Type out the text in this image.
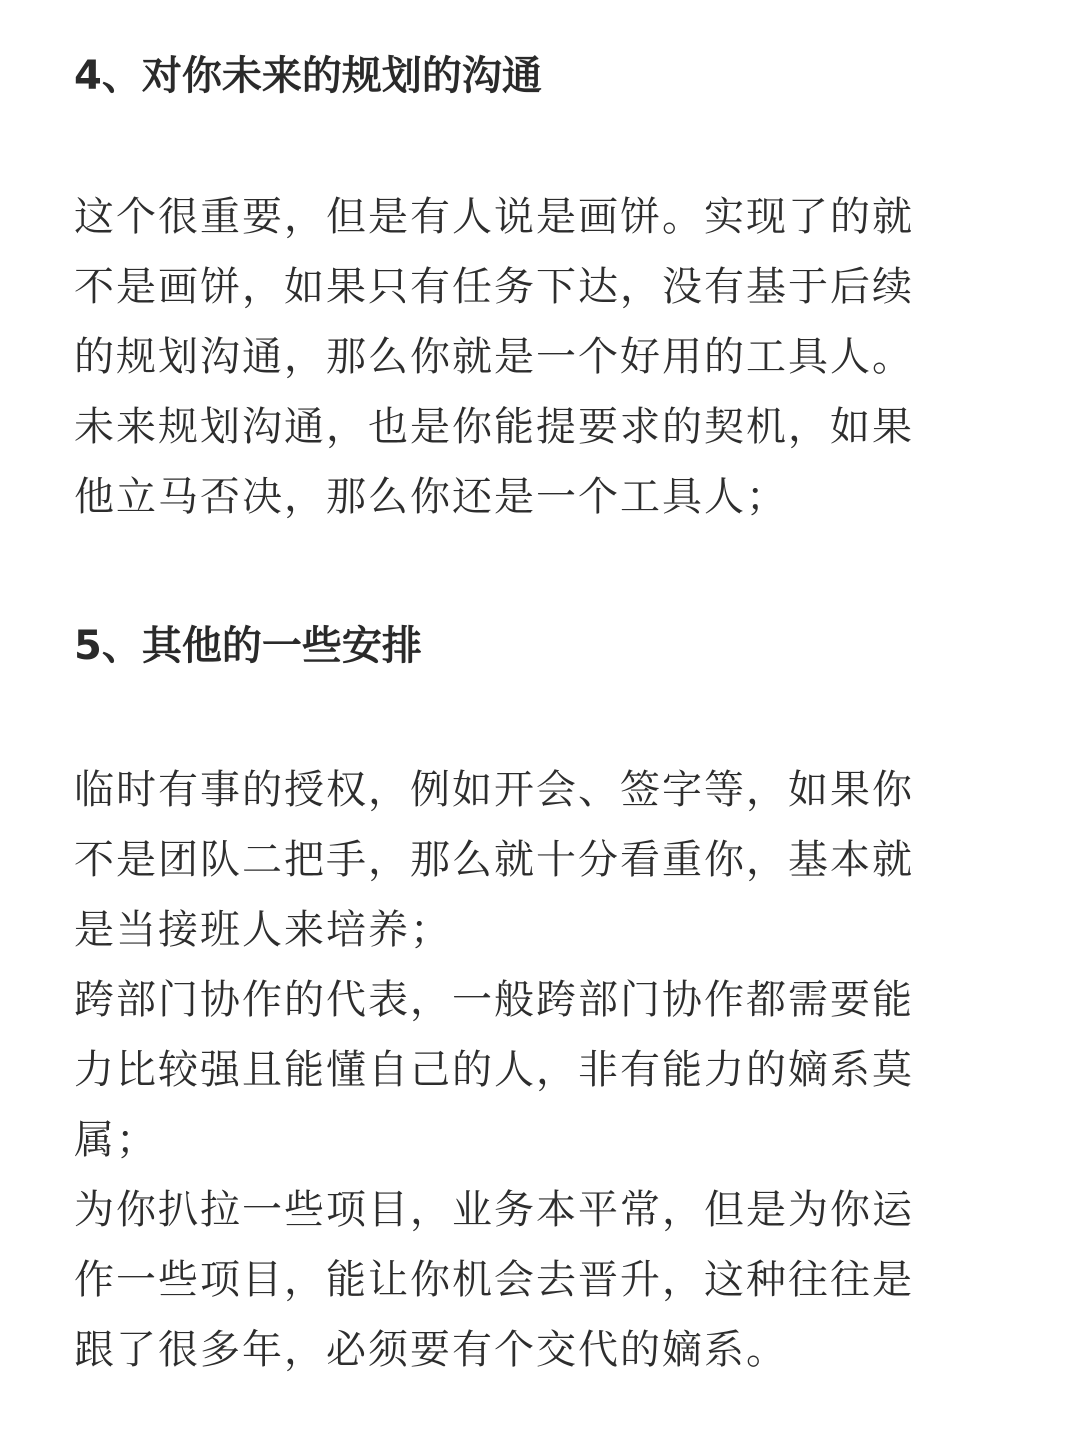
4、对你未来的规划的沟通
这个很重要，但是有人说是画饼。实现了的就
不是画饼，如果只有任务下达，没有基于后续
的规划沟通，那么你就是一个好用的工具人。
未来规划沟通，也是你能提要求的契机，如果
他立马否决，那么你还是一个工具人；
5、其他的一些安排
临时有事的授权，例如开会、签字等，如果你
不是团队二把手，那么就十分看重你，基本就
是当接班人来培养；
跨部门协作的代表，一般跨部门协作都需要能
力比较强且能懂自己的人，非有能力的嫡系莫
属；
为你扒拉一些项目，业务本平常，但是为你运
作一些项目，能让你机会去晋升，这种往往是
跟了很多年，必须要有个交代的嫡系。
